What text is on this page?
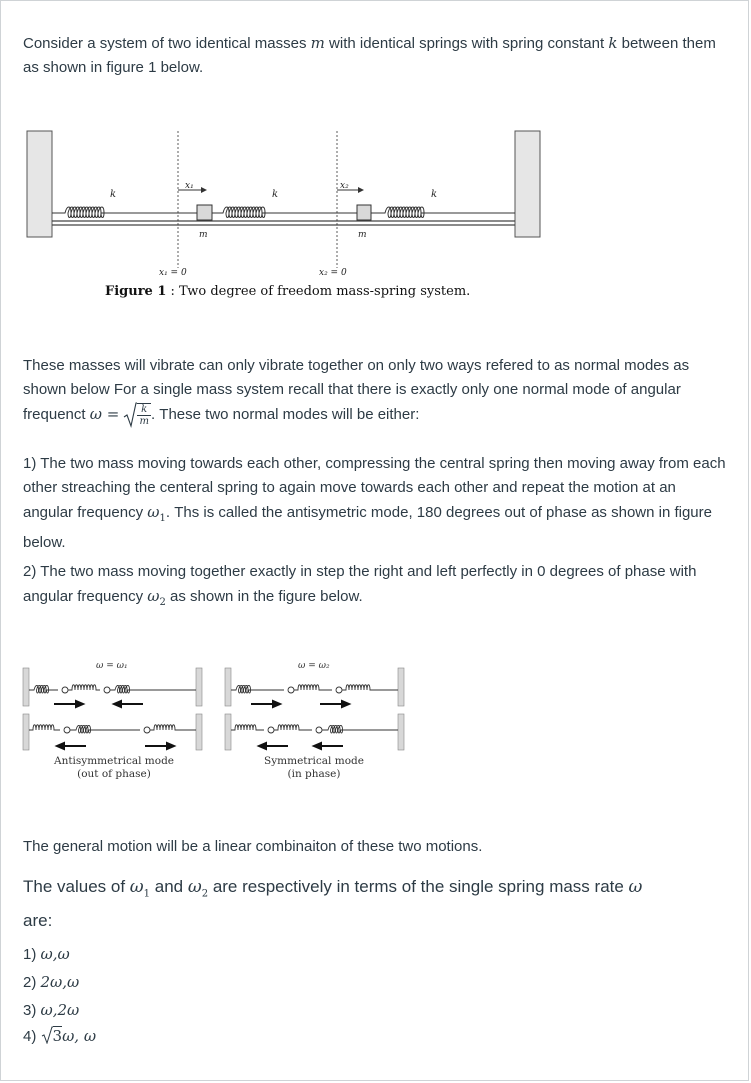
Consider a system of two identical masses m with identical springs with spring constant k between them as shown in figure 1 below.

x₁	x₂
k	k	k
m	m
x₁ = 0	x₂ = 0
Figure 1 : Two degree of freedom mass-spring system.

These masses will vibrate can only vibrate together on only two ways refered to as normal modes as shown below For a single mass system recall that there is exactly only one normal mode of angular frequenct $\omega = \frac{k}{m}$ . These two normal modes will be either:

1) The two mass moving towards each other, compressing the central spring then moving away from each other streaching the centeral spring to again move towards each other and repeat the motion at an angular frequency $\omega_1$. Ths is called the antisymetric mode, 180 degrees out of phase as shown in figure below.

2) The two mass moving together exactly in step the right and left perfectly in 0 degrees of phase with angular frequency $\omega_2$ as shown in the figure below.

ω = ω₁	ω = ω₂
Antisymmetrical mode
(out of phase)
Symmetrical mode
(in phase)

The general motion will be a linear combinaiton of these two motions.

The values of $\omega_1$ and $\omega_2$ are respectively in terms of the single spring mass rate ω
are:

1) ω,ω
2) 2ω,ω
3) ω,2ω
4) 3ω, ω
